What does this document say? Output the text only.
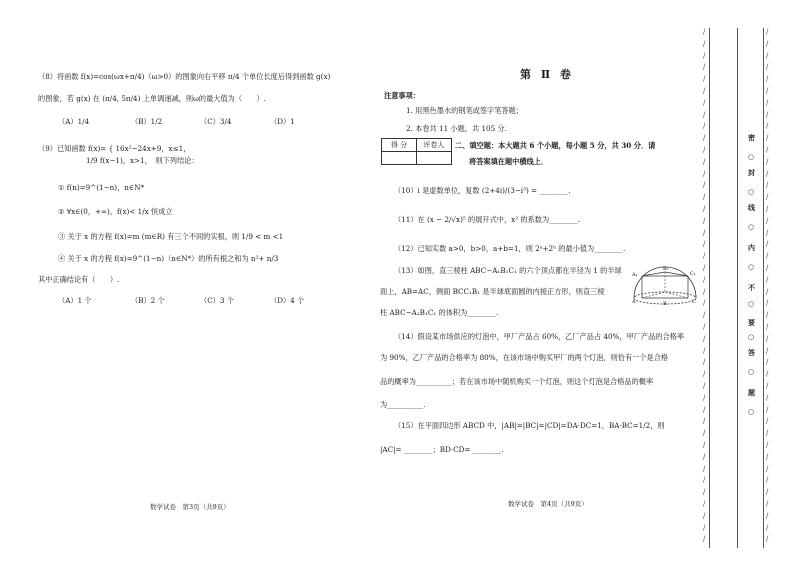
（8）将函数 f(x)=cos(ωx+π/4)（ω>0）的图象向右平移 π/4 个单位长度后得到函数 g(x)
的图象，若 g(x) 在 (π/4, 5π/4) 上单调递减，则ω的最大值为（　　）.
（A）1/4	（B）1/2	（C）3/4	（D）1
（9）已知函数 f(x)= { 16x²−24x+9，x≤1，
1/9 f(x−1)，x>1，　则下列结论：
① f(n)=9^(1−n)，n∈N*
② ∀x∈(0，+∞)，f(x)< 1/x 恒成立
③ 关于 x 的方程 f(x)=m (m∈R) 有三个不同的实根，则 1/9 < m <1
④ 关于 x 的方程 f(x)=9^(1−n)（n∈N*）的所有根之和为 n²+ n/3
其中正确结论有（　　）.
（A）1 个	（B）2 个	（C）3 个	（D）4 个
数学试卷　第3页（共9页）
第 Ⅱ 卷
注意事项：
1. 用黑色墨水的钢笔或签字笔答题；
2. 本卷共 11 小题，共 105 分.
得 分	评卷人
	二、填空题：本大题共 6 个小题，每小题 5 分，共 30 分．请
将答案填在题中横线上．
（10）i 是虚数单位，复数 (2+4i)/(3−i³) = ________.
（11）在 (x − 2/√x)⁵ 的展开式中，x² 的系数为________.
（12）已知实数 a>0，b>0，a+b=1，则 2ᵃ+2ᵇ 的最小值为________.
（13）如图，直三棱柱 ABC−A₁B₁C₁ 的六个顶点都在半径为 1 的半球
面上，AB=AC，侧面 BCC₁B₁ 是半球底面圆的内接正方形，则直三棱
柱 ABC−A₁B₁C₁ 的体积为________.
（14）假设某市场供应的灯泡中，甲厂产品占 60%，乙厂产品占 40%，甲厂产品的合格率
为 90%，乙厂产品的合格率为 80%，在该市场中购买甲厂的两个灯泡，则恰有一个是合格
品的概率为__________；若在该市场中随机购买一个灯泡，则这个灯泡是合格品的概率
为__________.
（15）在平面四边形 ABCD 中，|AB|=|BC|=|CD|=DA·DC=1，BA·BC=1/2，则
|AC|= ________；BD·CD= ________.
数学试卷　第4页（共9页）
A₁	C₁
B₁
A	B	C
/	/
/	/
/	/
/	/
/	/
/	/
/	/
/	/
/	/
/	/
/	/
/	/
/	/
/	/
/	/
/	/
/	/
/	/
/	/
/	/
/	/
/	/
/	/
/	/
/	/
/	/
/	/
/	/
/	/
/	/
/	/
/	/
/	/
/	/
/	/
/	/
/	/
/	/
/	/
/	/
/	/
/	/
/	/
/	/
密
封
线
内
不
要
答
题
○
○
○
○
○
○
○
○
